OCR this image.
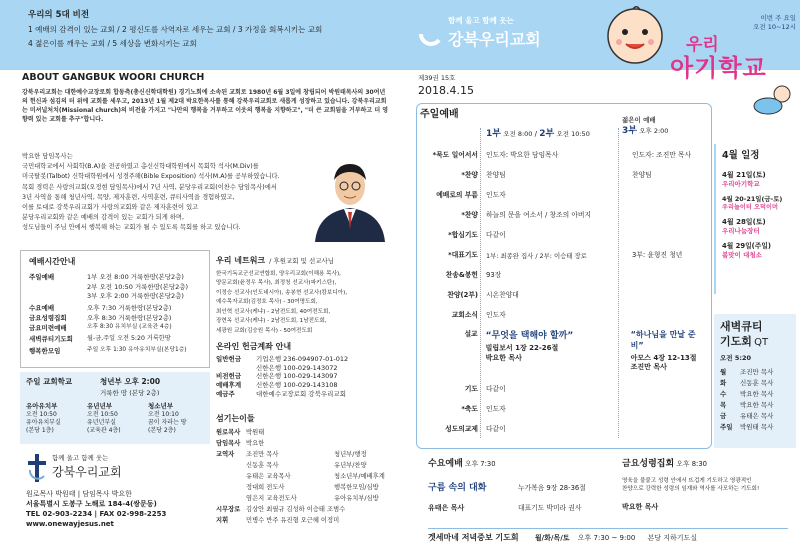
우리의 5대 비전
1 예배의 감격이 있는 교회 / 2 평신도를 사역자로 세우는 교회 / 3 가정을 회복시키는 교회
4 젊은이를 깨우는 교회 / 5 세상을 변화시키는 교회
함께 울고 함께 웃는
강북우리교회
이번 주 요일
오전 10~12시
우리
아기학교
ABOUT GANGBUK WOORI CHURCH
강북우리교회는 대한예수교장로회 합동측(총신신학대학원) 경기노회에 소속된 교회로 1980년 6월 3일에 창립되어 박원태목사의 30여년의 헌신과 섬김의 터 위에 교회를 세우고, 2013년 1월 제2대 박요한목사를 통해 강북우리교회로 새롭게 성장하고 있습니다. 강북우리교회는 미셔널처치(Missional church)의 비전을 가지고 "나만의 행복을 거부하고 이웃의 행복을 지향하고", "더 큰 교회됨을 거부하고 더 영향력 있는 교회를 추구"합니다.
박요한 담임목사는
국민대학교에서 사회학(B.A)을 전공하였고 총신신학대학원에서 목회학 석사(M.Div)를
미국탈봇(Talbot) 신학대학원에서 성경주해(Bible Exposition) 석사(M.A)를 공부하였습니다.
목회 경력은 사랑의교회(오정현 담임목사)에서 7년 사역, 분당우리교회(이찬수 담임목사)에서
3년 사역을 통해 청년사역, 목양, 제자훈련, 사역훈련, 큐티사역을 경험하였고,
이를 토대로 강북우리교회가 사랑의교회와 같은 제자훈련이 있고
분당우리교회와 같은 예배의 감격이 있는 교회가 되게 하며,
성도님들이 주님 안에서 행복해 하는 교회가 될 수 있도록 목회를 하고 있습니다.
예배시간안내
주일예배	1부 오전 8:00 거룩한땅(본당2층)
2부 오전 10:50 거룩한땅(본당2층)
3부 오후 2:00 거룩한땅(본당2층)
수요예배	오후 7:30 거룩한땅(본당2층)
금요성령집회	오후 8:30 거룩한땅(본당2층)
금요미련예배	오후 8:30 유치부실 (교육관 4층)
새벽큐티기도회	월-금,주일 오전 5:20 거룩한땅
행복한모임	주일 오후 1:30 유아유치부실(본당1층)
주일 교회학교	청년부 오후 2:00
거룩한 땅 (본당 2층)
유아유치부
오전 10:50
유아유치부실
(본당 1층)
유년년부
오전 10:50
유년년부실
(교육관 4층)
청소년부
오전 10:10
꿈이 자라는 땅
(본당 2층)
함께 울고 함께 웃는
강북우리교회
원로목사 박원태 | 담임목사 박요한
서울특별시 도봉구 노해로 184-4(쌍문동)
TEL 02-903-2234 | FAX 02-998-2253
www.onewayjesus.net
우리 네트워크 / 후원교회 및 선교사님
한국기독교군선교연합회, 양우리교회(이해용 목사),
양문교회(윤정우 목사), 최정청 선교사(파키스탄),
이정승 선교사(인도네시아), 송봉현 선교사(캄보디아),
예수목자교회(김정호 목사) - 30여명도회,
최인혁 선교사(케냐) - 2남전도회, 40여전도회,
장현옥 선교사(케냐) - 2남전도회, 1남전도회,
세광원 교회(김승원 목사) - 50여전도회
온라인 헌금계좌 안내
일반헌금	기업은행 236-094907-01-012
신한은행 100-029-143072
비전헌금	신한은행 100-029-143097
예배후계	신한은행 100-029-143108
예금주	대한예수교장로회 강북우리교회
섬기는이들
원로목사 박원태
담임목사 박요한
교역자	조진만 목사	청년부/행정
신동훈 목사	유년부/찬양
유태은 교육목사	청소년부/예배후계
정대희 전도사	행복한모임/심방
염은지 교육전도사	유아유치부/심방
시무장로 김상안 최필규 김성하 이승태 조범수
지휘	민병수 반주 유진형 오근혜 이정미
제39권 15호
2018.4.15
주일예배
1부 오전 8:00 / 2부 오전 10:50
젊은이 예배
3부 오후 2:00
*묵도 일어서서 인도자: 박요한 담임목사	인도자: 조진만 목사
*찬양 찬양팀	찬양팀
예배로의 부름 인도자
*찬양 하늘의 문을 여소서 / 창조의 아버지
*합심기도 다같이
*대표기도 1부: 최종완 집사 / 2부: 이승태 장로	3부: 윤형진 청년
찬송&봉헌 93장
찬양(2부) 시온찬양대
교회소식 인도자
설교 “무엇을 택해야 할까”
빌립보서 1장 22-26절
박요한 목사
“하나님을 만날 준비”
아모스 4장 12-13절
조진만 목사
기도 다같이
*축도 인도자
성도의교제 다같이
4월 일정
4월 21일(토)
우리아기학교
4월 20-21일(금-토)
우리놀이터 오덕이머
4월 28일(토)
우리나눔장터
4월 29일(주일)
봄맞이 대청소
새벽큐티
기도회 QT
오전 5:20
월	조진만 목사
화	신동훈 목사
수	박요한 목사
목	박요한 목사
금	유태은 목사
주일	박원태 목사
수요예배 오후 7:30
구름 속의 대화	누가복음 9장 28-36절
유태은 목사	대표기도 박미라 권사
금요성령집회 오후 8:30
영육을 불붙고 성령 안에서 뜨겁게 기도하고 영광적인
찬양으로 강력한 성령의 임재와 역사를 사모하는 기도회!
박요한 목사
겟세마네 저녁중보 기도회 월/화/목/토 오후 7:30 ~ 9:00 본당 지하기도실
